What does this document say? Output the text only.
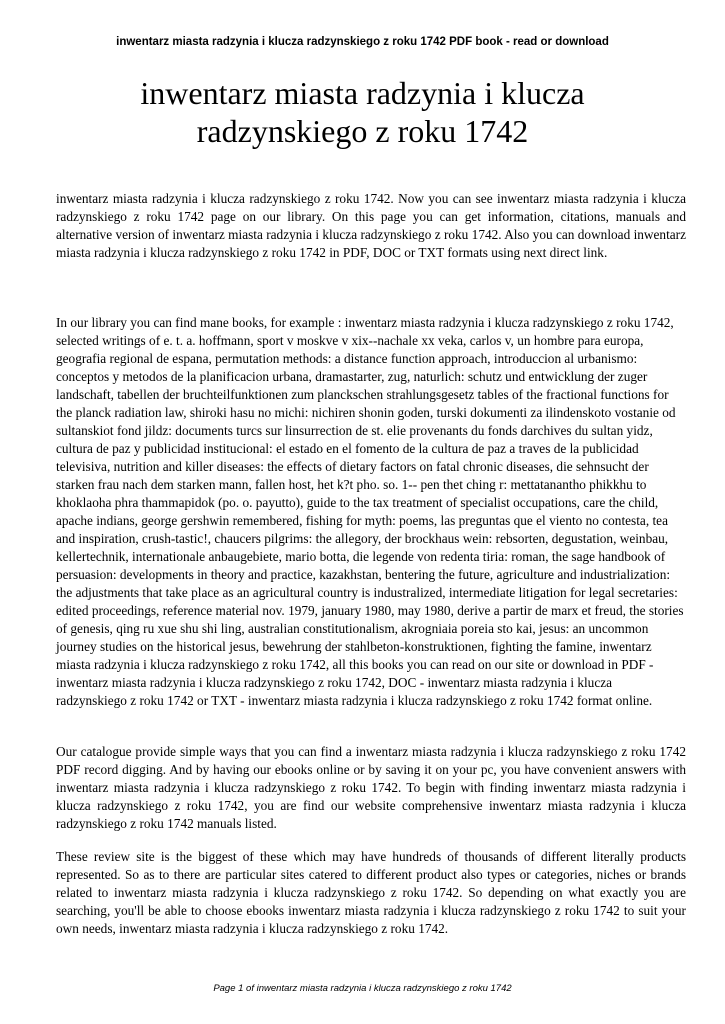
inwentarz miasta radzynia i klucza radzynskiego z roku 1742 PDF book - read or download
inwentarz miasta radzynia i klucza
radzynskiego z roku 1742
inwentarz miasta radzynia i klucza radzynskiego z roku 1742. Now you can see inwentarz miasta radzynia i klucza radzynskiego z roku 1742 page on our library. On this page you can get information, citations, manuals and alternative version of inwentarz miasta radzynia i klucza radzynskiego z roku 1742. Also you can download inwentarz miasta radzynia i klucza radzynskiego z roku 1742 in PDF, DOC or TXT formats using next direct link.
In our library you can find mane books, for example : inwentarz miasta radzynia i klucza radzynskiego z roku 1742, selected writings of e. t. a. hoffmann, sport v moskve v xix--nachale xx veka, carlos v, un hombre para europa, geografia regional de espana, permutation methods: a distance function approach, introduccion al urbanismo: conceptos y metodos de la planificacion urbana, dramastarter, zug, naturlich: schutz und entwicklung der zuger landschaft, tabellen der bruchteilfunktionen zum planckschen strahlungsgesetz tables of the fractional functions for the planck radiation law, shiroki hasu no michi: nichiren shonin goden, turski dokumenti za ilindenskoto vostanie od sultanskiot fond jildz: documents turcs sur linsurrection de st. elie provenants du fonds darchives du sultan yidz, cultura de paz y publicidad institucional: el estado en el fomento de la cultura de paz a traves de la publicidad televisiva, nutrition and killer diseases: the effects of dietary factors on fatal chronic diseases, die sehnsucht der starken frau nach dem starken mann, fallen host, het k?t pho. so. 1-- pen thet ching r: mettatanantho phikkhu to khoklaoha phra thammapidok (po. o. payutto), guide to the tax treatment of specialist occupations, care the child, apache indians, george gershwin remembered, fishing for myth: poems, las preguntas que el viento no contesta, tea and inspiration, crush-tastic!, chaucers pilgrims: the allegory, der brockhaus wein: rebsorten, degustation, weinbau, kellertechnik, internationale anbaugebiete, mario botta, die legende von redenta tiria: roman, the sage handbook of persuasion: developments in theory and practice, kazakhstan, bentering the future, agriculture and industrialization: the adjustments that take place as an agricultural country is industralized, intermediate litigation for legal secretaries: edited proceedings, reference material nov. 1979, january 1980, may 1980, derive a partir de marx et freud, the stories of genesis, qing ru xue shu shi ling, australian constitutionalism, akrogniaia poreia sto kai, jesus: an uncommon journey studies on the historical jesus, bewehrung der stahlbeton-konstruktionen, fighting the famine, inwentarz miasta radzynia i klucza radzynskiego z roku 1742, all this books you can read on our site or download in PDF - inwentarz miasta radzynia i klucza radzynskiego z roku 1742, DOC - inwentarz miasta radzynia i klucza radzynskiego z roku 1742 or TXT - inwentarz miasta radzynia i klucza radzynskiego z roku 1742 format online.
Our catalogue provide simple ways that you can find a inwentarz miasta radzynia i klucza radzynskiego z roku 1742 PDF record digging. And by having our ebooks online or by saving it on your pc, you have convenient answers with inwentarz miasta radzynia i klucza radzynskiego z roku 1742. To begin with finding inwentarz miasta radzynia i klucza radzynskiego z roku 1742, you are find our website comprehensive inwentarz miasta radzynia i klucza radzynskiego z roku 1742 manuals listed.
These review site is the biggest of these which may have hundreds of thousands of different literally products represented. So as to there are particular sites catered to different product also types or categories, niches or brands related to inwentarz miasta radzynia i klucza radzynskiego z roku 1742. So depending on what exactly you are searching, you'll be able to choose ebooks inwentarz miasta radzynia i klucza radzynskiego z roku 1742 to suit your own needs, inwentarz miasta radzynia i klucza radzynskiego z roku 1742.
Page 1 of inwentarz miasta radzynia i klucza radzynskiego z roku 1742
